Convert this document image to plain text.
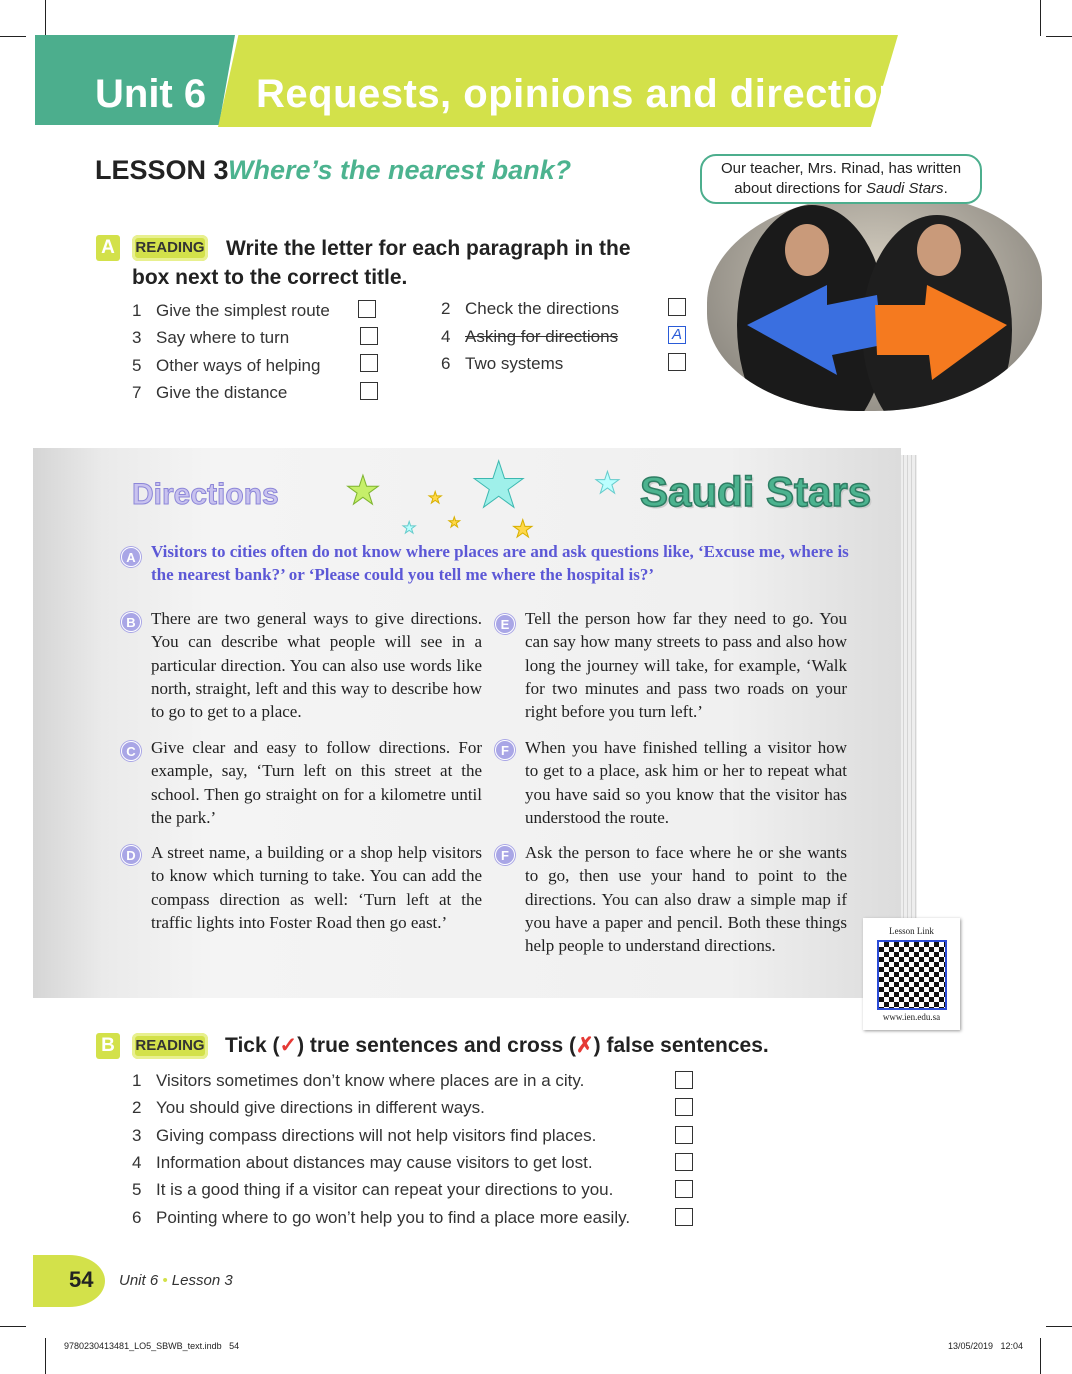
Unit 6 Requests, opinions and directions
LESSON 3 Where’s the nearest bank?	Our teacher, Mrs. Rinad, has written about directions for Saudi Stars.
A	READING	Write the letter for each paragraph in the box next to the correct title.
1 Give the simplest route	2 Check the directions
3 Say where to turn	4 Asking for directions	A
5 Other ways of helping	6 Two systems
7 Give the distance
Directions	Saudi Stars
★ ★
★
★ ★
★
★
A Visitors to cities often do not know where places are and ask questions like, ‘Excuse me, where is the nearest bank?’ or ‘Please could you tell me where the hospital is?’
B There are two general ways to give directions. You can describe what people will see in a particular direction. You can also use words like north, straight, left and this way to describe how to go to get to a place.
C Give clear and easy to follow directions. For example, say, ‘Turn left on this street at the school. Then go straight on for a kilometre until the park.’
D A street name, a building or a shop help visitors to know which turning to take. You can add the compass direction as well: ‘Turn left at the traffic lights into Foster Road then go east.’
E Tell the person how far they need to go. You can say how many streets to pass and also how long the journey will take, for example, ‘Walk for two minutes and pass two roads on your right before you turn left.’
F When you have finished telling a visitor how to get to a place, ask him or her to repeat what you have said so you know that the visitor has understood the route.
F Ask the person to face where he or she wants to go, then use your hand to point to the directions. You can also draw a simple map if you have a paper and pencil. Both these things help people to understand directions.
Lesson Link
www.ien.edu.sa
B	READING Tick (✓) true sentences and cross (✗) false sentences.
1 Visitors sometimes don’t know where places are in a city.
2 You should give directions in different ways.
3 Giving compass directions will not help visitors find places.
4 Information about distances may cause visitors to get lost.
5 It is a good thing if a visitor can repeat your directions to you.
6 Pointing where to go won’t help you to find a place more easily.
54 Unit 6 • Lesson 3
9780230413481_LO5_SBWB_text.indb   54	13/05/2019   12:04
